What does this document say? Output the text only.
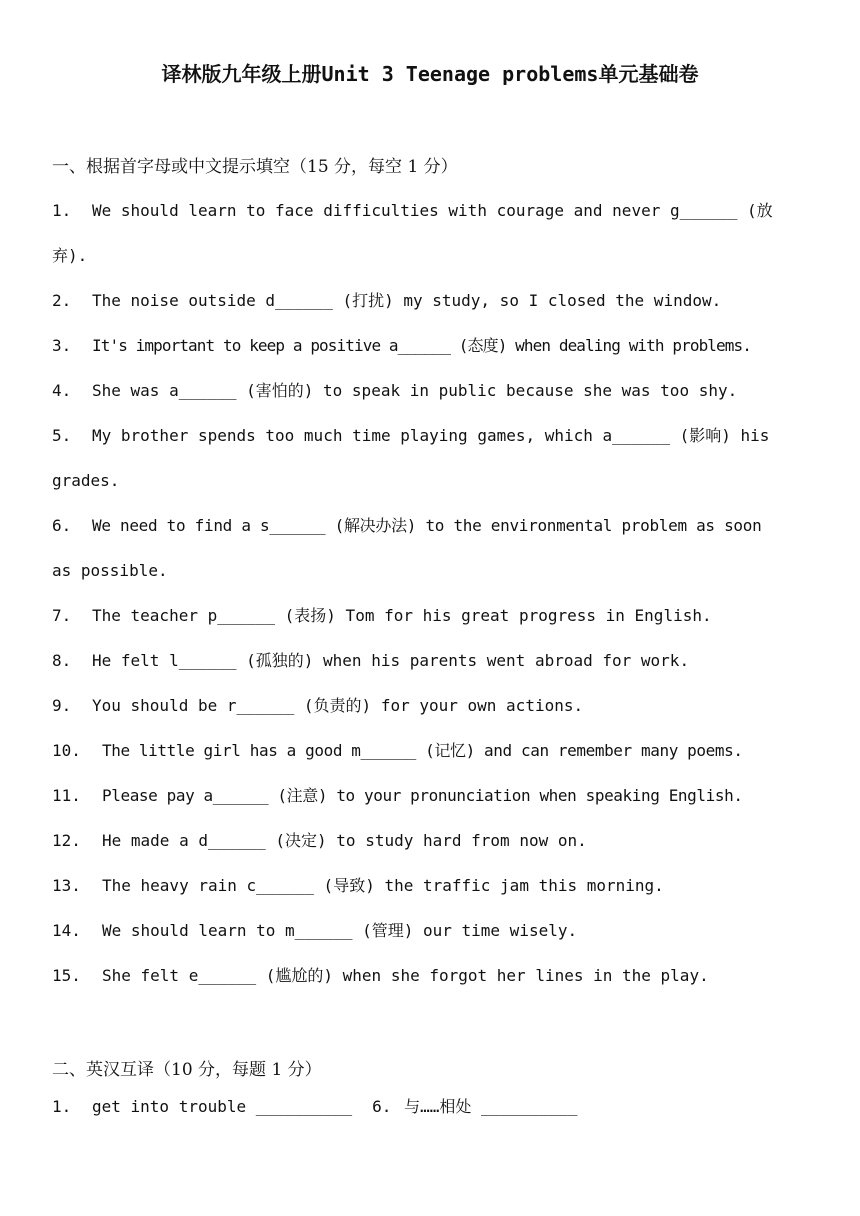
译林版九年级上册Unit 3 Teenage problems单元基础卷
一、根据首字母或中文提示填空（15 分，每空 1 分）
1. We should learn to face difficulties with courage and never g______ (放
弃).
2. The noise outside d______ (打扰) my study, so I closed the window.
3. It's important to keep a positive a______ (态度) when dealing with problems.
4. She was a______ (害怕的) to speak in public because she was too shy.
5. My brother spends too much time playing games, which a______ (影响) his
grades.
6. We need to find a s______ (解决办法) to the environmental problem as soon
as possible.
7. The teacher p______ (表扬) Tom for his great progress in English.
8. He felt l______ (孤独的) when his parents went abroad for work.
9. You should be r______ (负责的) for your own actions.
10. The little girl has a good m______ (记忆) and can remember many poems.
11. Please pay a______ (注意) to your pronunciation when speaking English.
12. He made a d______ (决定) to study hard from now on.
13. The heavy rain c______ (导致) the traffic jam this morning.
14. We should learn to m______ (管理) our time wisely.
15. She felt e______ (尴尬的) when she forgot her lines in the play.
二、英汉互译（10 分，每题 1 分）
1. get into trouble __________ 6. 与……相处 __________
